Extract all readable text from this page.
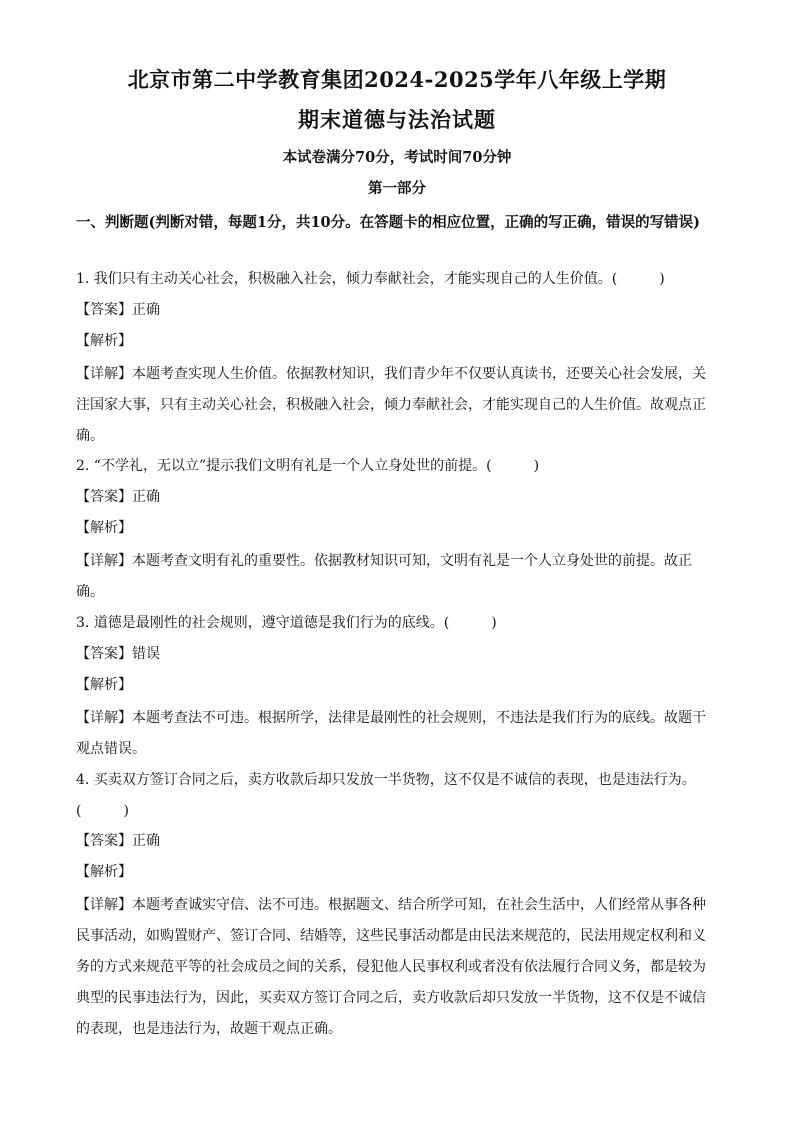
北京市第二中学教育集团2024-2025学年八年级上学期
期末道德与法治试题
本试卷满分70分，考试时间70分钟
第一部分
一、判断题(判断对错，每题1分，共10分。在答题卡的相应位置，正确的写正确，错误的写错误)
1. 我们只有主动关心社会，积极融入社会，倾力奉献社会，才能实现自己的人生价值。(　　　)
【答案】正确
【解析】
【详解】本题考查实现人生价值。依据教材知识，我们青少年不仅要认真读书，还要关心社会发展，关注国家大事，只有主动关心社会，积极融入社会，倾力奉献社会，才能实现自己的人生价值。故观点正确。
2. “不学礼，无以立”提示我们文明有礼是一个人立身处世的前提。(　　　)
【答案】正确
【解析】
【详解】本题考查文明有礼的重要性。依据教材知识可知，文明有礼是一个人立身处世的前提。故正确。
3. 道德是最刚性的社会规则，遵守道德是我们行为的底线。(　　　)
【答案】错误
【解析】
【详解】本题考查法不可违。根据所学，法律是最刚性的社会规则，不违法是我们行为的底线。故题干观点错误。
4. 买卖双方签订合同之后，卖方收款后却只发放一半货物，这不仅是不诚信的表现，也是违法行为。(　　　)
【答案】正确
【解析】
【详解】本题考查诚实守信、法不可违。根据题文、结合所学可知，在社会生活中，人们经常从事各种民事活动，如购置财产、签订合同、结婚等，这些民事活动都是由民法来规范的，民法用规定权利和义务的方式来规范平等的社会成员之间的关系，侵犯他人民事权利或者没有依法履行合同义务，都是较为典型的民事违法行为，因此，买卖双方签订合同之后，卖方收款后却只发放一半货物，这不仅是不诚信的表现，也是违法行为，故题干观点正确。
